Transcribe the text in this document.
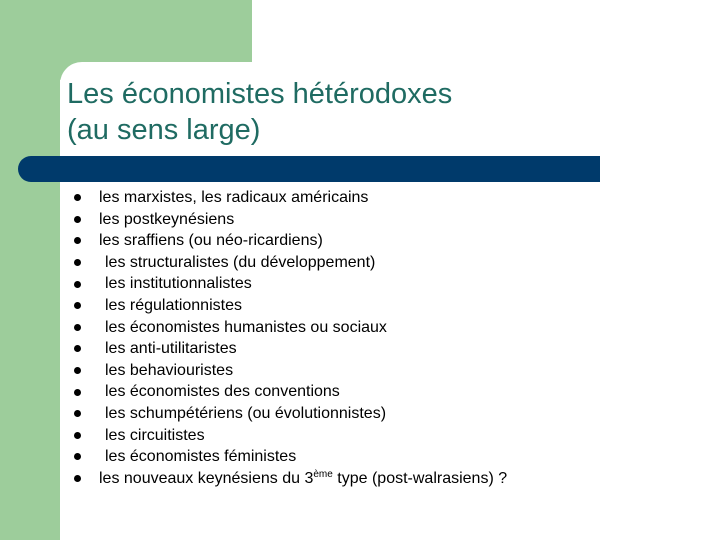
Les économistes hétérodoxes
(au sens large)
les marxistes, les radicaux américains
les postkeynésiens
les sraffiens (ou néo-ricardiens)
les structuralistes (du développement)
les institutionnalistes
les régulationnistes
les économistes humanistes ou sociaux
les anti-utilitaristes
les behaviouristes
les économistes des conventions
les schumpétériens (ou évolutionnistes)
les circuitistes
les économistes féministes
les nouveaux keynésiens du 3ème type (post-walrasiens) ?
